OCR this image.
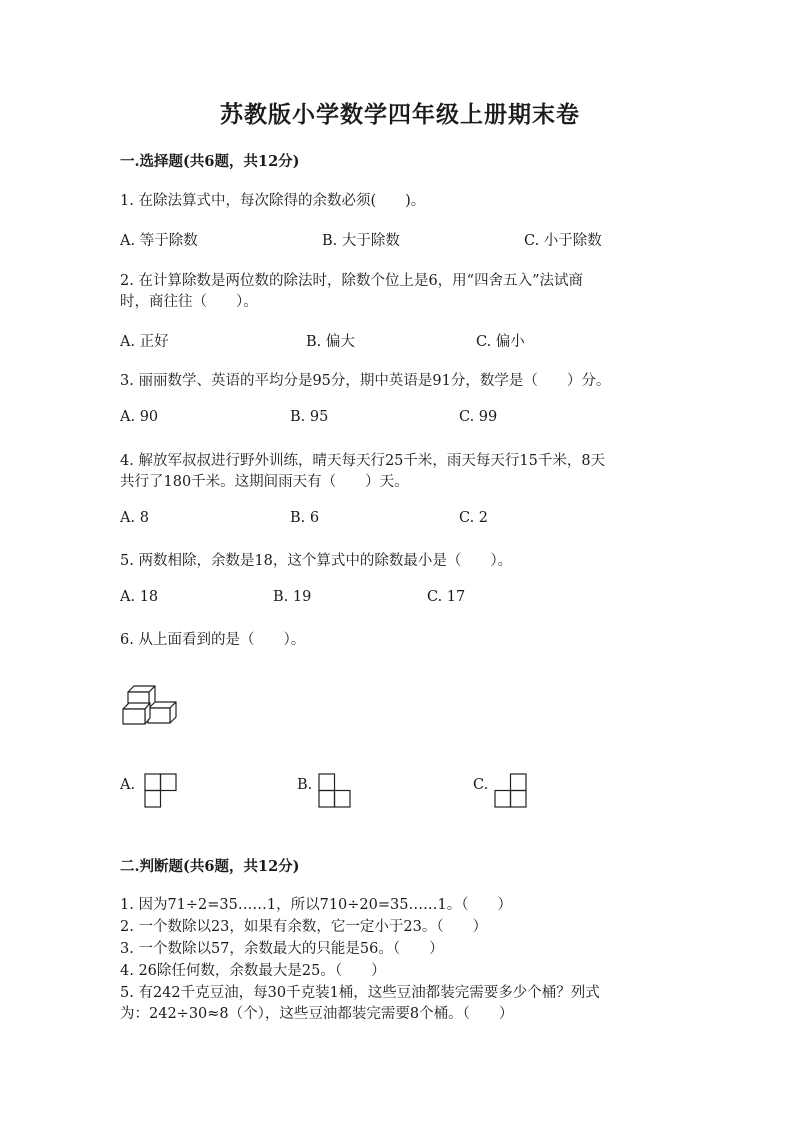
苏教版小学数学四年级上册期末卷
一.选择题(共6题，共12分)
1. 在除法算式中，每次除得的余数必须(　　)。
A. 等于除数	B. 大于除数	C. 小于除数
2. 在计算除数是两位数的除法时，除数个位上是6，用“四舍五入”法试商
时，商往往（　　）。
A. 正好	B. 偏大	C. 偏小
3. 丽丽数学、英语的平均分是95分，期中英语是91分，数学是（　　）分。
A. 90	B. 95	C. 99
4. 解放军叔叔进行野外训练，晴天每天行25千米，雨天每天行15千米，8天
共行了180千米。这期间雨天有（　　）天。
A. 8	B. 6	C. 2
5. 两数相除，余数是18，这个算式中的除数最小是（　　）。
A. 18	B. 19	C. 17
6. 从上面看到的是（　　）。
A.	B.	C.
二.判断题(共6题，共12分)
1. 因为71÷2=35……1，所以710÷20=35……1。（　　）
2. 一个数除以23，如果有余数，它一定小于23。（　　）
3. 一个数除以57，余数最大的只能是56。（　　）
4. 26除任何数，余数最大是25。（　　）
5. 有242千克豆油，每30千克装1桶，这些豆油都装完需要多少个桶？列式
为：242÷30≈8（个），这些豆油都装完需要8个桶。（　　）
